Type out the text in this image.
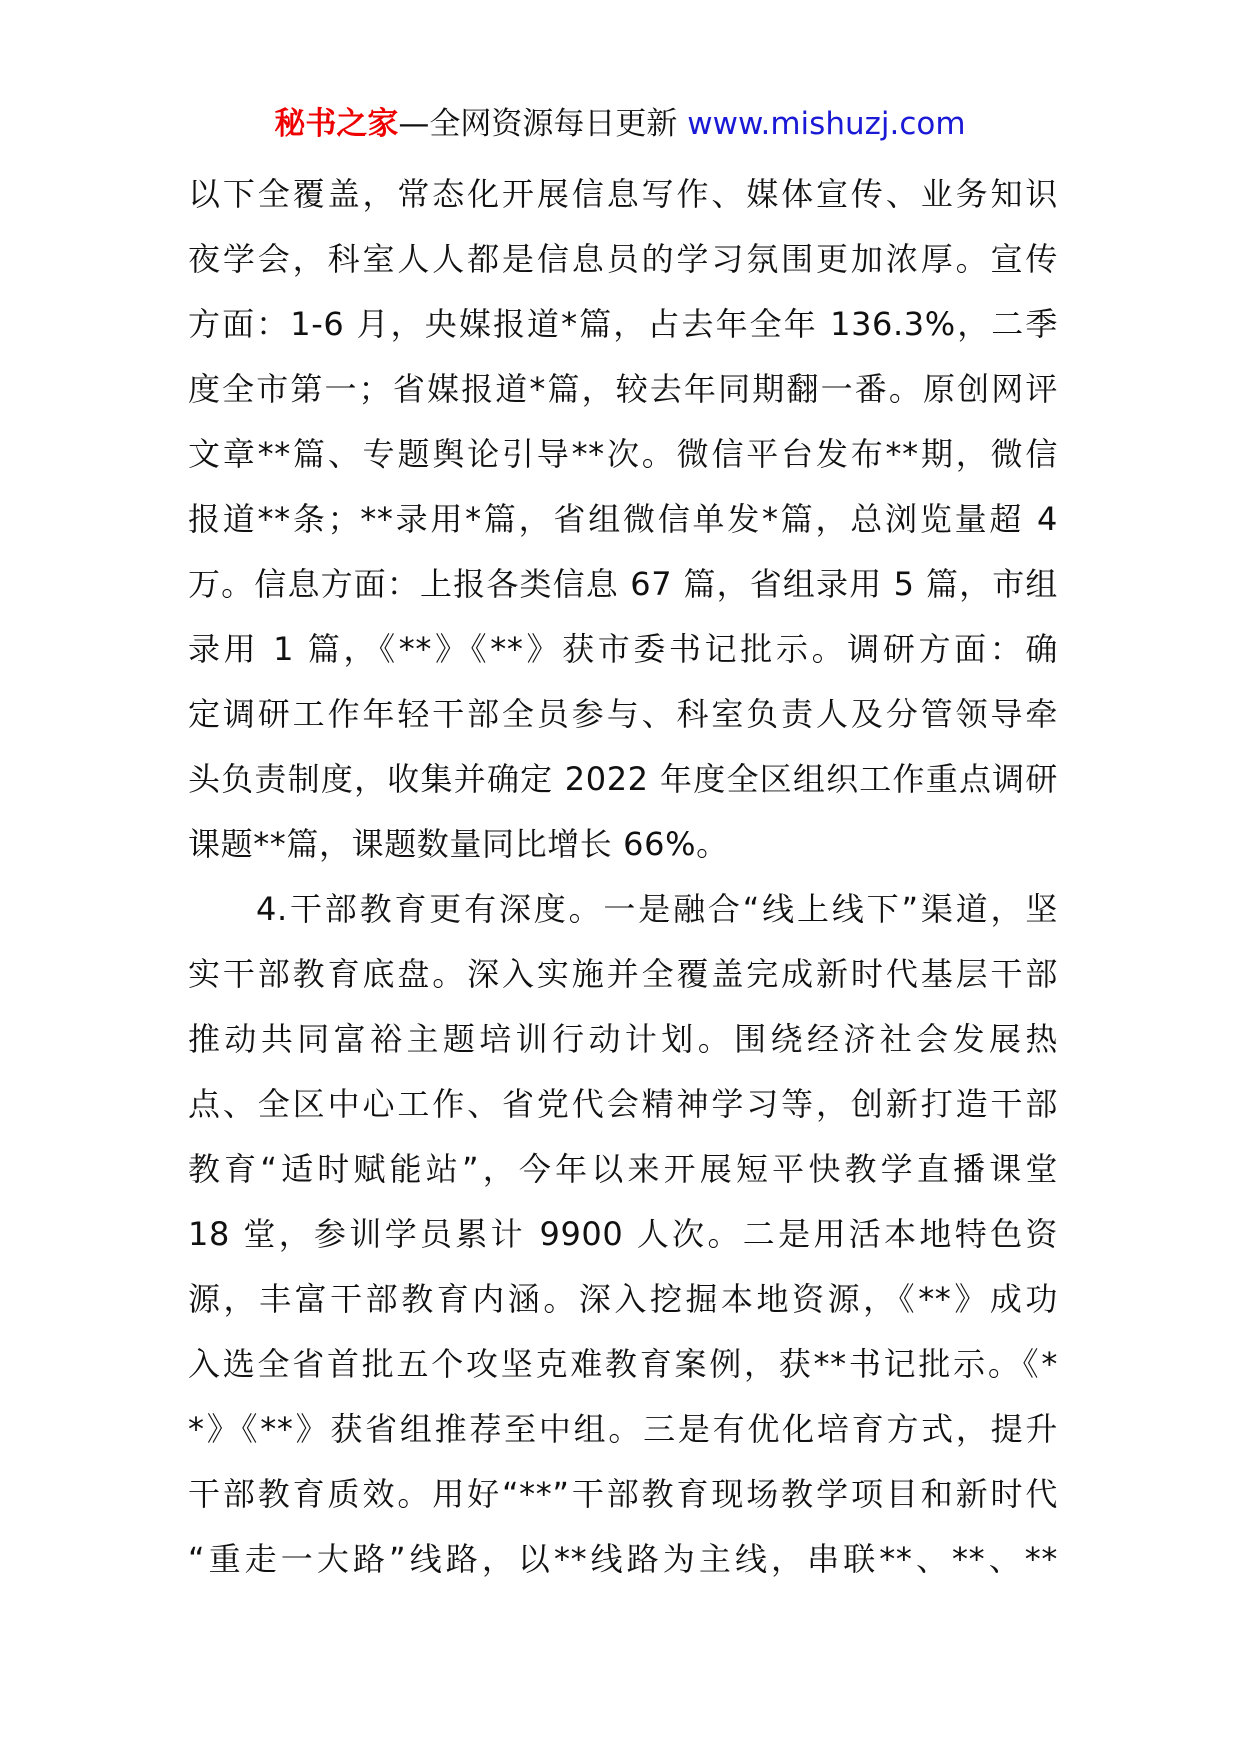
秘书之家—全网资源每日更新 www.mishuzj.com
以下全覆盖，常态化开展信息写作、媒体宣传、业务知识
夜学会，科室人人都是信息员的学习氛围更加浓厚。宣传
方面：1-6 月，央媒报道*篇，占去年全年 136.3%，二季
度全市第一；省媒报道*篇，较去年同期翻一番。原创网评
文章**篇、专题舆论引导**次。微信平台发布**期，微信
报道**条；**录用*篇，省组微信单发*篇，总浏览量超 4
万。信息方面：上报各类信息 67 篇，省组录用 5 篇，市组
录用 1 篇，《**》《**》获市委书记批示。调研方面：确
定调研工作年轻干部全员参与、科室负责人及分管领导牵
头负责制度，收集并确定 2022 年度全区组织工作重点调研
课题**篇，课题数量同比增长 66%。
4.干部教育更有深度。一是融合“线上线下”渠道，坚
实干部教育底盘。深入实施并全覆盖完成新时代基层干部
推动共同富裕主题培训行动计划。围绕经济社会发展热
点、全区中心工作、省党代会精神学习等，创新打造干部
教育“适时赋能站”，今年以来开展短平快教学直播课堂
18 堂，参训学员累计 9900 人次。二是用活本地特色资
源，丰富干部教育内涵。深入挖掘本地资源，《**》成功
入选全省首批五个攻坚克难教育案例，获**书记批示。《*
*》《**》获省组推荐至中组。三是有优化培育方式，提升
干部教育质效。用好“**”干部教育现场教学项目和新时代
“重走一大路”线路，以**线路为主线，串联**、**、**
